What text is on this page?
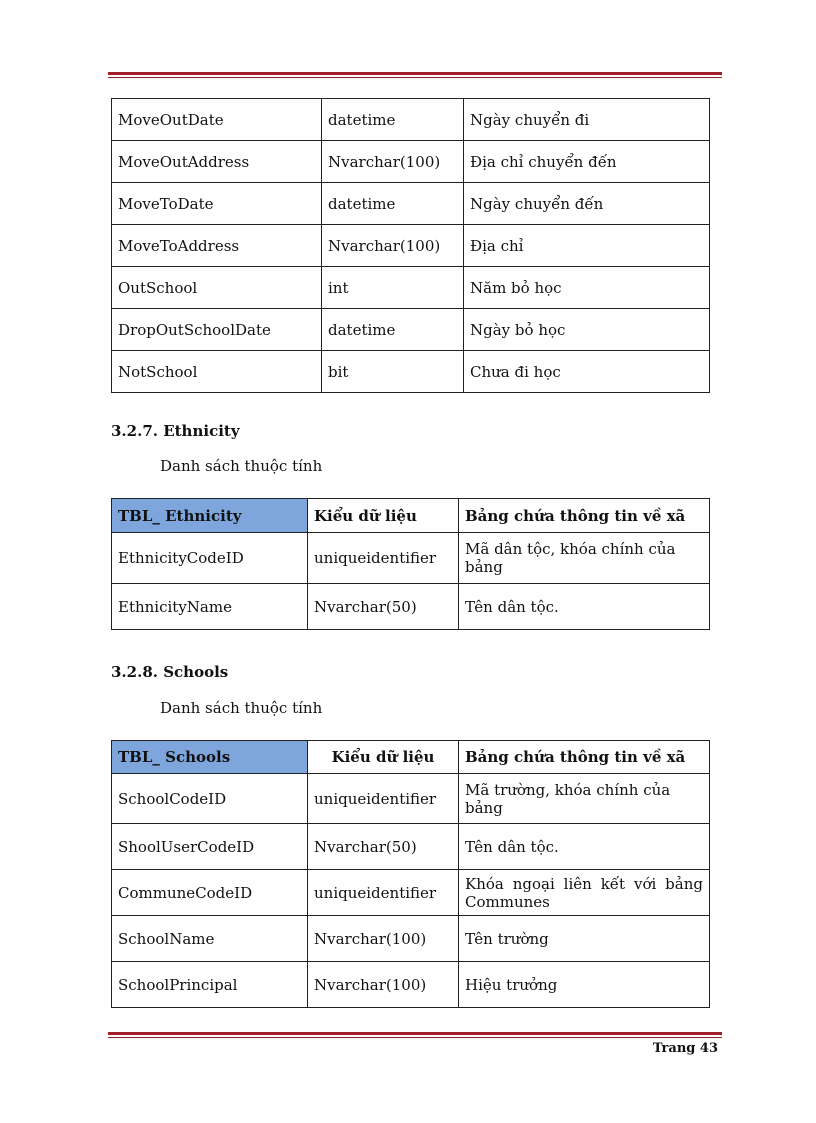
MoveOutDate	datetime	Ngày chuyển đi
MoveOutAddress	Nvarchar(100)	Địa chỉ chuyển đến
MoveToDate	datetime	Ngày chuyển đến
MoveToAddress	Nvarchar(100)	Địa chỉ
OutSchool	int	Năm bỏ học
DropOutSchoolDate	datetime	Ngày bỏ học
NotSchool	bit	Chưa đi học
3.2.7. Ethnicity
Danh sách thuộc tính
TBL_ Ethnicity	Kiểu dữ liệu	Bảng chứa thông tin về xã
EthnicityCodeID	uniqueidentifier	Mã dân tộc, khóa chính của bảng
EthnicityName	Nvarchar(50)	Tên dân tộc.
3.2.8. Schools
Danh sách thuộc tính
TBL_ Schools	Kiểu dữ liệu	Bảng chứa thông tin về xã
SchoolCodeID	uniqueidentifier	Mã trường, khóa chính của bảng
ShoolUserCodeID	Nvarchar(50)	Tên dân tộc.
CommuneCodeID	uniqueidentifier	Khóa ngoại liên kết với bảng
Communes

SchoolName	Nvarchar(100)	Tên trường
SchoolPrincipal	Nvarchar(100)	Hiệu trưởng
Trang 43
